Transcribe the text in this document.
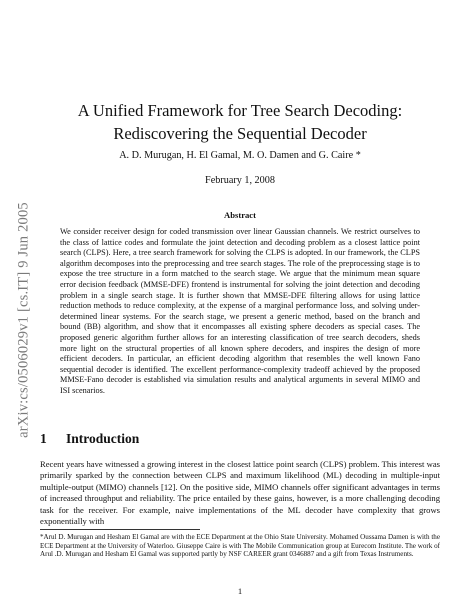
arXiv:cs/0506029v1 [cs.IT] 9 Jun 2005
A Unified Framework for Tree Search Decoding:
Rediscovering the Sequential Decoder
A. D. Murugan, H. El Gamal, M. O. Damen and G. Caire *
February 1, 2008
Abstract
We consider receiver design for coded transmission over linear Gaussian channels. We restrict ourselves to the class of lattice codes and formulate the joint detection and decoding problem as a closest lattice point search (CLPS). Here, a tree search framework for solving the CLPS is adopted. In our framework, the CLPS algorithm decomposes into the preprocessing and tree search stages. The role of the preprocessing stage is to expose the tree structure in a form matched to the search stage. We argue that the minimum mean square error decision feedback (MMSE-DFE) frontend is instrumental for solving the joint detection and decoding problem in a single search stage. It is further shown that MMSE-DFE filtering allows for using lattice reduction methods to reduce complexity, at the expense of a marginal performance loss, and solving under-determined linear systems. For the search stage, we present a generic method, based on the branch and bound (BB) algorithm, and show that it encompasses all existing sphere decoders as special cases. The proposed generic algorithm further allows for an interesting classification of tree search decoders, sheds more light on the structural properties of all known sphere decoders, and inspires the design of more efficient decoders. In particular, an efficient decoding algorithm that resembles the well known Fano sequential decoder is identified. The excellent performance-complexity tradeoff achieved by the proposed MMSE-Fano decoder is established via simulation results and analytical arguments in several MIMO and ISI scenarios.
1 Introduction

Recent years have witnessed a growing interest in the closest lattice point search (CLPS) problem. This interest was primarily sparked by the connection between CLPS and maximum likelihood (ML) decoding in multiple-input multiple-output (MIMO) channels [12]. On the positive side, MIMO channels offer significant advantages in terms of increased throughput and reliability. The price entailed by these gains, however, is a more challenging decoding task for the receiver. For example, naive implementations of the ML decoder have complexity that grows exponentially with

*Arul D. Murugan and Hesham El Gamal are with the ECE Department at the Ohio State University. Mohamed Oussama Damen is with the ECE Department at the University of Waterloo. Giuseppe Caire is with The Mobile Communication group at Eurecom Institute. The work of Arul .D. Murugan and Hesham El Gamal was supported partly by NSF CAREER grant 0346887 and a gift from Texas Instruments.
1
